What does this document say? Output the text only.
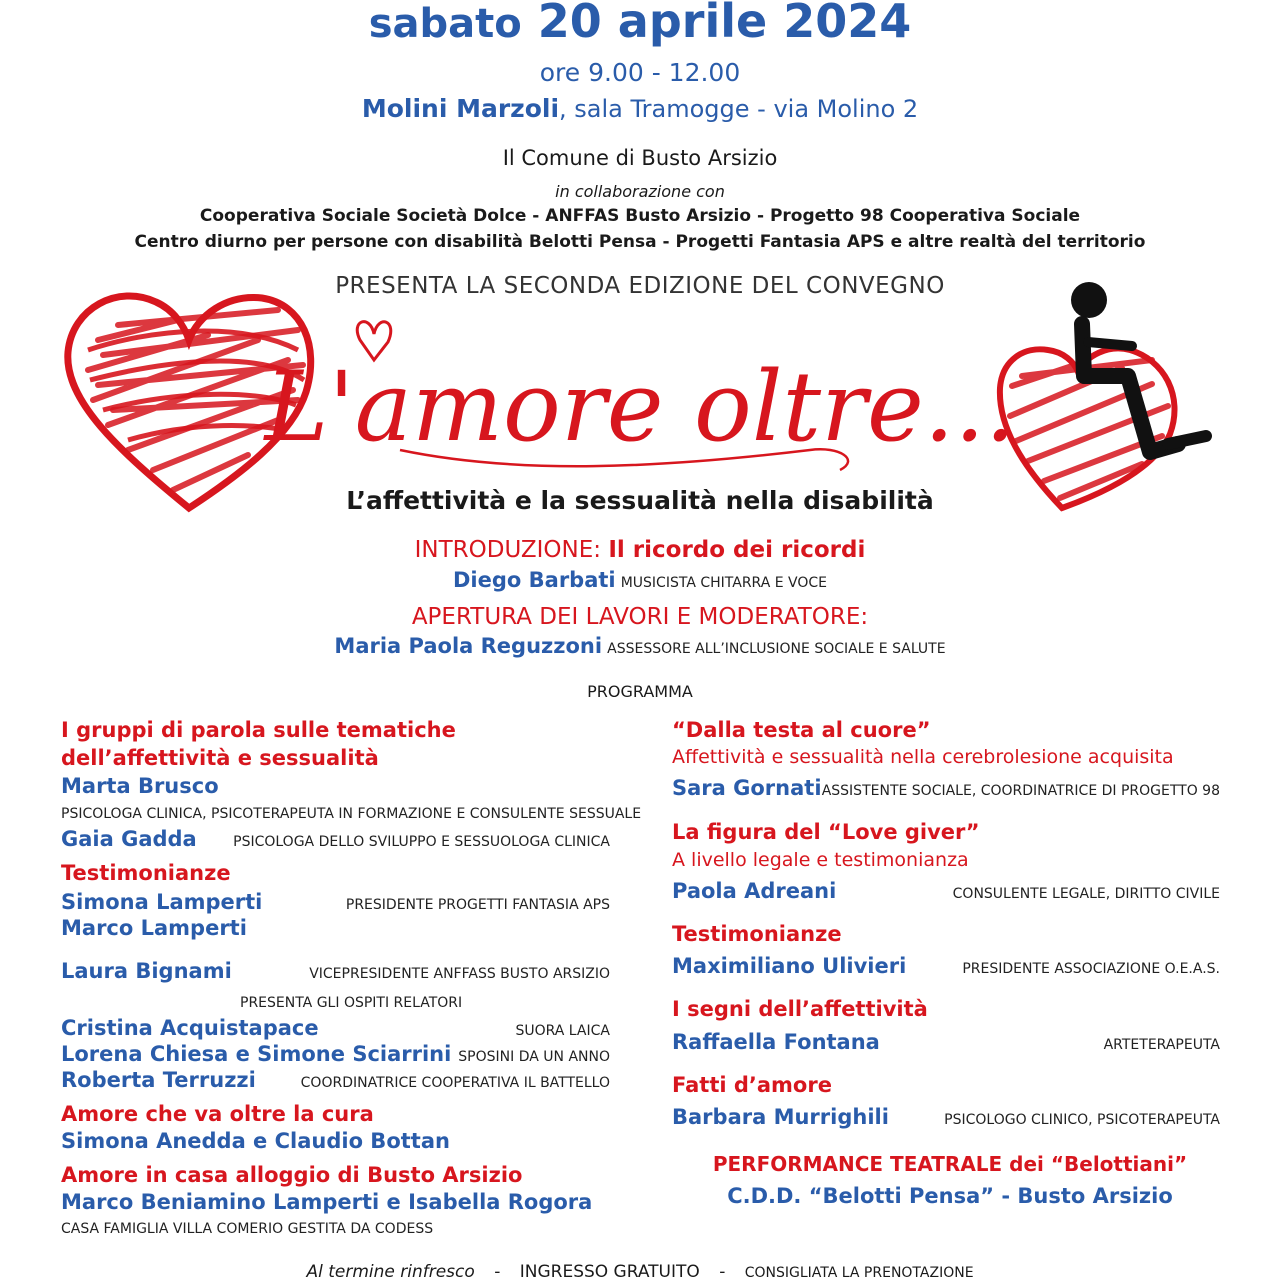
sabato 20 aprile 2024
ore 9.00 - 12.00
Molini Marzoli, sala Tramogge - via Molino 2
Il Comune di Busto Arsizio
in collaborazione con
Cooperativa Sociale Società Dolce - ANFFAS Busto Arsizio - Progetto 98 Cooperativa Sociale
Centro diurno per persone con disabilità Belotti Pensa - Progetti Fantasia APS e altre realtà del territorio
PRESENTA LA SECONDA EDIZIONE DEL CONVEGNO
L'amore oltre...
L’affettività e la sessualità nella disabilità
INTRODUZIONE: Il ricordo dei ricordi
Diego Barbati MUSICISTA CHITARRA E VOCE
APERTURA DEI LAVORI E MODERATORE:
Maria Paola Reguzzoni ASSESSORE ALL’INCLUSIONE SOCIALE E SALUTE
PROGRAMMA
I gruppi di parola sulle tematiche
dell’affettività e sessualità
Marta Brusco
PSICOLOGA CLINICA, PSICOTERAPEUTA IN FORMAZIONE E CONSULENTE SESSUALE
Gaia Gadda	PSICOLOGA DELLO SVILUPPO E SESSUOLOGA CLINICA
Testimonianze
Simona Lamperti	PRESIDENTE PROGETTI FANTASIA APS
Marco Lamperti
Laura Bignami	VICEPRESIDENTE ANFFASS BUSTO ARSIZIO
PRESENTA GLI OSPITI RELATORI
Cristina Acquistapace	SUORA LAICA
Lorena Chiesa e Simone Sciarrini SPOSINI DA UN ANNO
Roberta Terruzzi	COORDINATRICE COOPERATIVA IL BATTELLO
Amore che va oltre la cura
Simona Anedda e Claudio Bottan
Amore in casa alloggio di Busto Arsizio
Marco Beniamino Lamperti e Isabella Rogora
CASA FAMIGLIA VILLA COMERIO GESTITA DA CODESS
“Dalla testa al cuore”
Affettività e sessualità nella cerebrolesione acquisita
Sara Gornati ASSISTENTE SOCIALE, COORDINATRICE DI PROGETTO 98
La figura del “Love giver”
A livello legale e testimonianza
Paola Adreani	CONSULENTE LEGALE, DIRITTO CIVILE
Testimonianze
Maximiliano Ulivieri	PRESIDENTE ASSOCIAZIONE O.E.A.S.
I segni dell’affettività
Raffaella Fontana	ARTETERAPEUTA
Fatti d’amore
Barbara Murrighili	PSICOLOGO CLINICO, PSICOTERAPEUTA
PERFORMANCE TEATRALE dei “Belottiani”
C.D.D. “Belotti Pensa” - Busto Arsizio
Al termine rinfresco - INGRESSO GRATUITO - CONSIGLIATA LA PRENOTAZIONE
